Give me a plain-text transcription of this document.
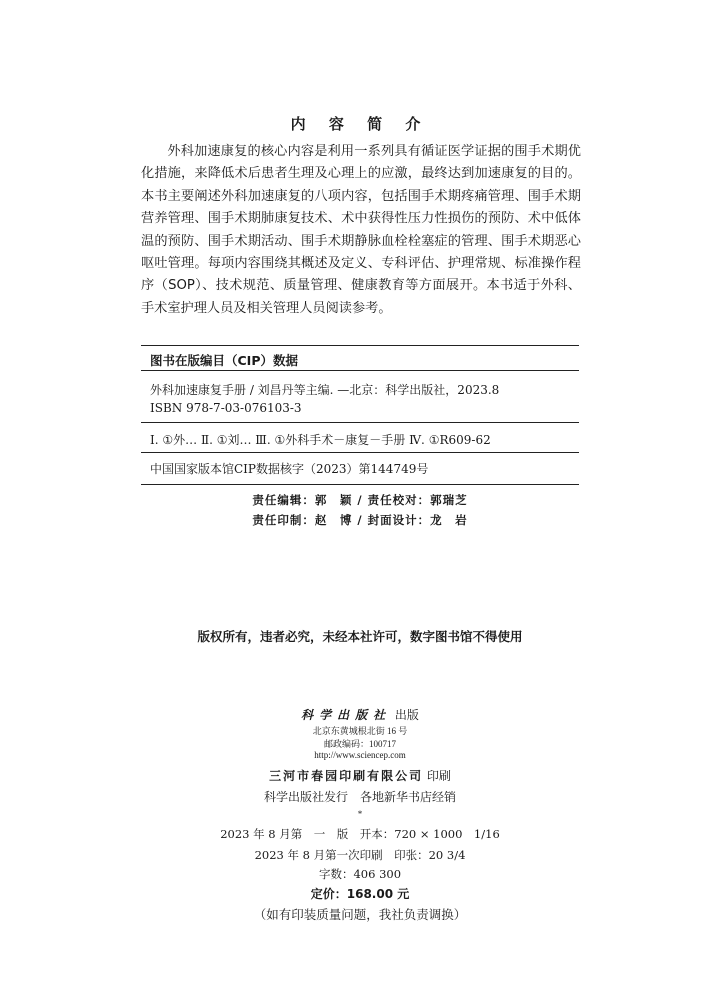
内 容 简 介

外科加速康复的核心内容是利用一系列具有循证医学证据的围手术期优化措施，来降低术后患者生理及心理上的应激，最终达到加速康复的目的。本书主要阐述外科加速康复的八项内容，包括围手术期疼痛管理、围手术期营养管理、围手术期肺康复技术、术中获得性压力性损伤的预防、术中低体温的预防、围手术期活动、围手术期静脉血栓栓塞症的管理、围手术期恶心呕吐管理。每项内容围绕其概述及定义、专科评估、护理常规、标准操作程序（SOP）、技术规范、质量管理、健康教育等方面展开。本书适于外科、手术室护理人员及相关管理人员阅读参考。

图书在版编目（CIP）数据
外科加速康复手册 / 刘昌丹等主编. —北京：科学出版社，2023.8
ISBN 978-7-03-076103-3
Ⅰ. ①外… Ⅱ. ①刘… Ⅲ. ①外科手术－康复－手册 Ⅳ. ①R609-62
中国国家版本馆CIP数据核字（2023）第144749号
责任编辑：郭　颖 / 责任校对：郭瑞芝
责任印制：赵　博 / 封面设计：龙　岩
版权所有，违者必究，未经本社许可，数字图书馆不得使用
科学出版社 出版
北京东黄城根北街 16 号
邮政编码：100717
http://www.sciencep.com
三河市春园印刷有限公司 印刷
科学出版社发行　各地新华书店经销
*
2023 年 8 月第　一　版　开本：720 × 1000　1/16
2023 年 8 月第一次印刷　印张：20 3/4
字数：406 300
定价：168.00 元
（如有印装质量问题，我社负责调换）
